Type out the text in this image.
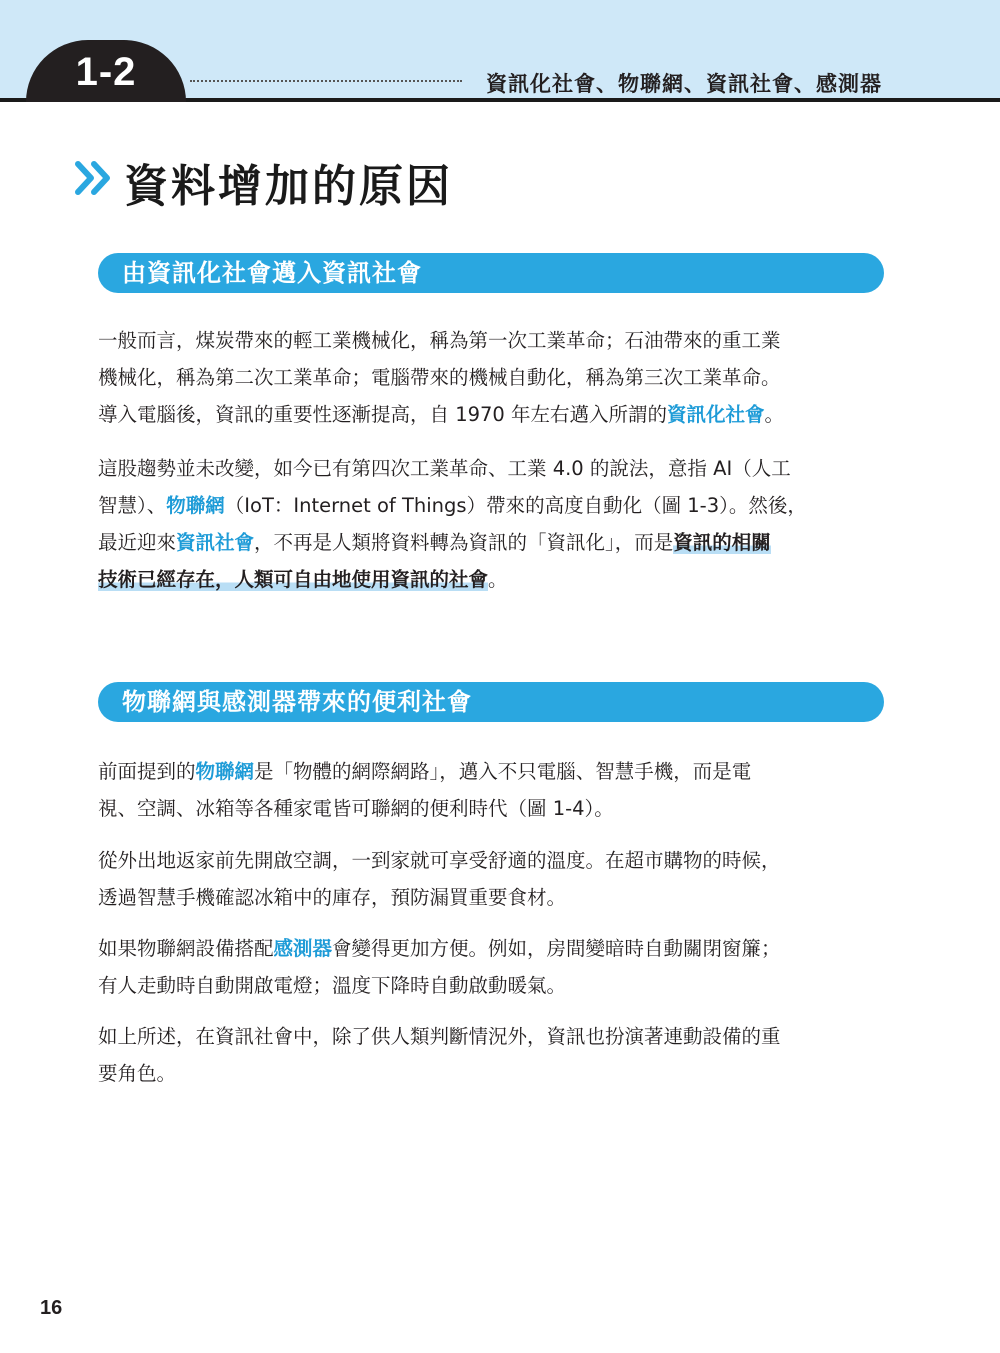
1-2	資訊化社會、物聯網、資訊社會、感測器
資料增加的原因
由資訊化社會邁入資訊社會
一般而言，煤炭帶來的輕工業機械化，稱為第一次工業革命；石油帶來的重工業
機械化，稱為第二次工業革命；電腦帶來的機械自動化，稱為第三次工業革命。
導入電腦後，資訊的重要性逐漸提高，自 1970 年左右邁入所謂的資訊化社會。
這股趨勢並未改變，如今已有第四次工業革命、工業 4.0 的說法，意指 AI（人工
智慧）、物聯網（IoT：Internet of Things）帶來的高度自動化（圖 1-3）。然後，
最近迎來資訊社會，不再是人類將資料轉為資訊的「資訊化」，而是資訊的相關
技術已經存在，人類可自由地使用資訊的社會。
物聯網與感測器帶來的便利社會
前面提到的物聯網是「物體的網際網路」，邁入不只電腦、智慧手機，而是電
視、空調、冰箱等各種家電皆可聯網的便利時代（圖 1-4）。
從外出地返家前先開啟空調，一到家就可享受舒適的溫度。在超市購物的時候，
透過智慧手機確認冰箱中的庫存，預防漏買重要食材。
如果物聯網設備搭配感測器會變得更加方便。例如，房間變暗時自動關閉窗簾；
有人走動時自動開啟電燈；溫度下降時自動啟動暖氣。
如上所述，在資訊社會中，除了供人類判斷情況外，資訊也扮演著連動設備的重
要角色。
16
